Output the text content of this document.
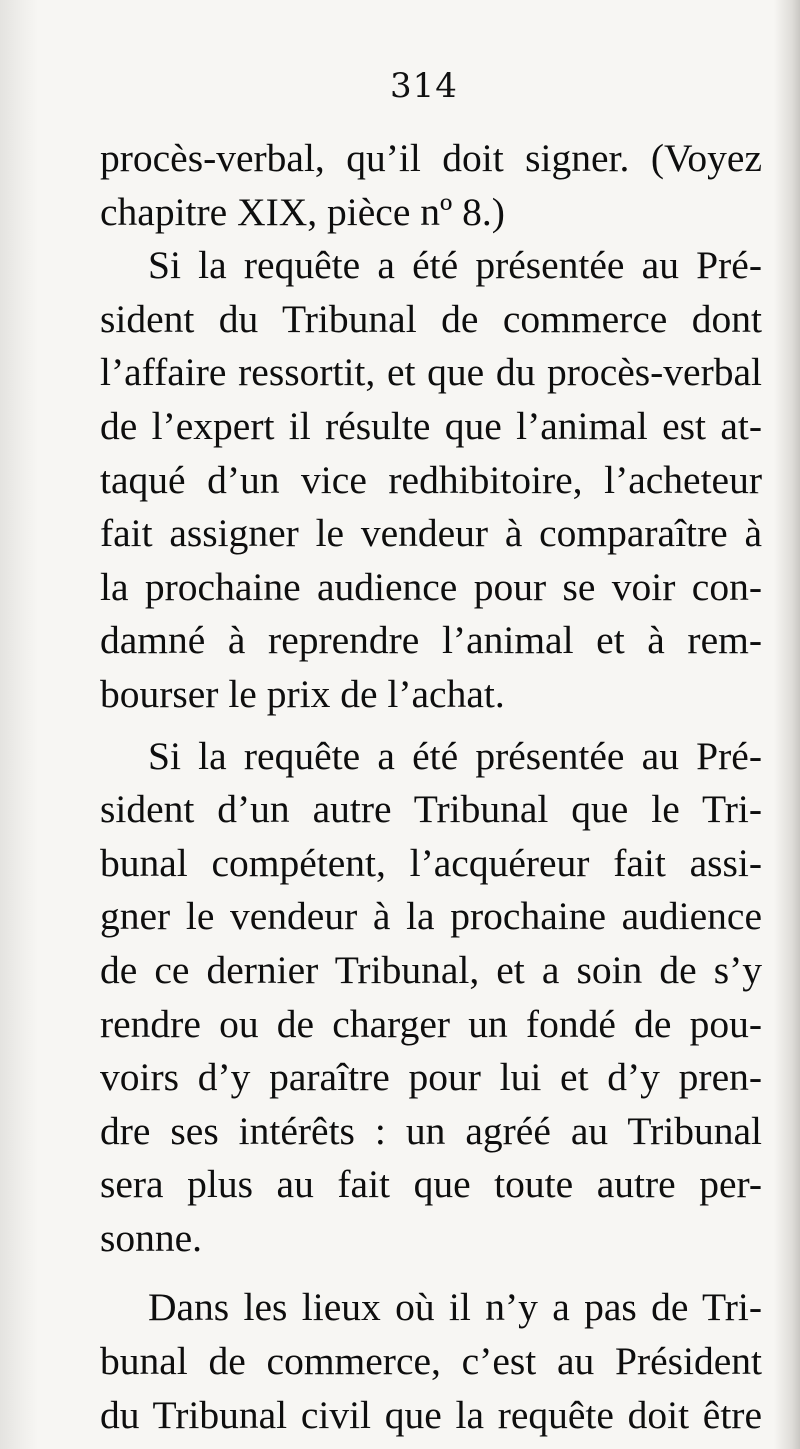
314
procès-verbal, qu’il doit signer. (Voyez
chapitre XIX, pièce nº 8.)
Si la requête a été présentée au Pré-
sident du Tribunal de commerce dont
l’affaire ressortit, et que du procès-verbal
de l’expert il résulte que l’animal est at-
taqué d’un vice redhibitoire, l’acheteur
fait assigner le vendeur à comparaître à
la prochaine audience pour se voir con-
damné à reprendre l’animal et à rem-
bourser le prix de l’achat.
Si la requête a été présentée au Pré-
sident d’un autre Tribunal que le Tri-
bunal compétent, l’acquéreur fait assi-
gner le vendeur à la prochaine audience
de ce dernier Tribunal, et a soin de s’y
rendre ou de charger un fondé de pou-
voirs d’y paraître pour lui et d’y pren-
dre ses intérêts : un agréé au Tribunal
sera plus au fait que toute autre per-
sonne.
Dans les lieux où il n’y a pas de Tri-
bunal de commerce, c’est au Président
du Tribunal civil que la requête doit être
